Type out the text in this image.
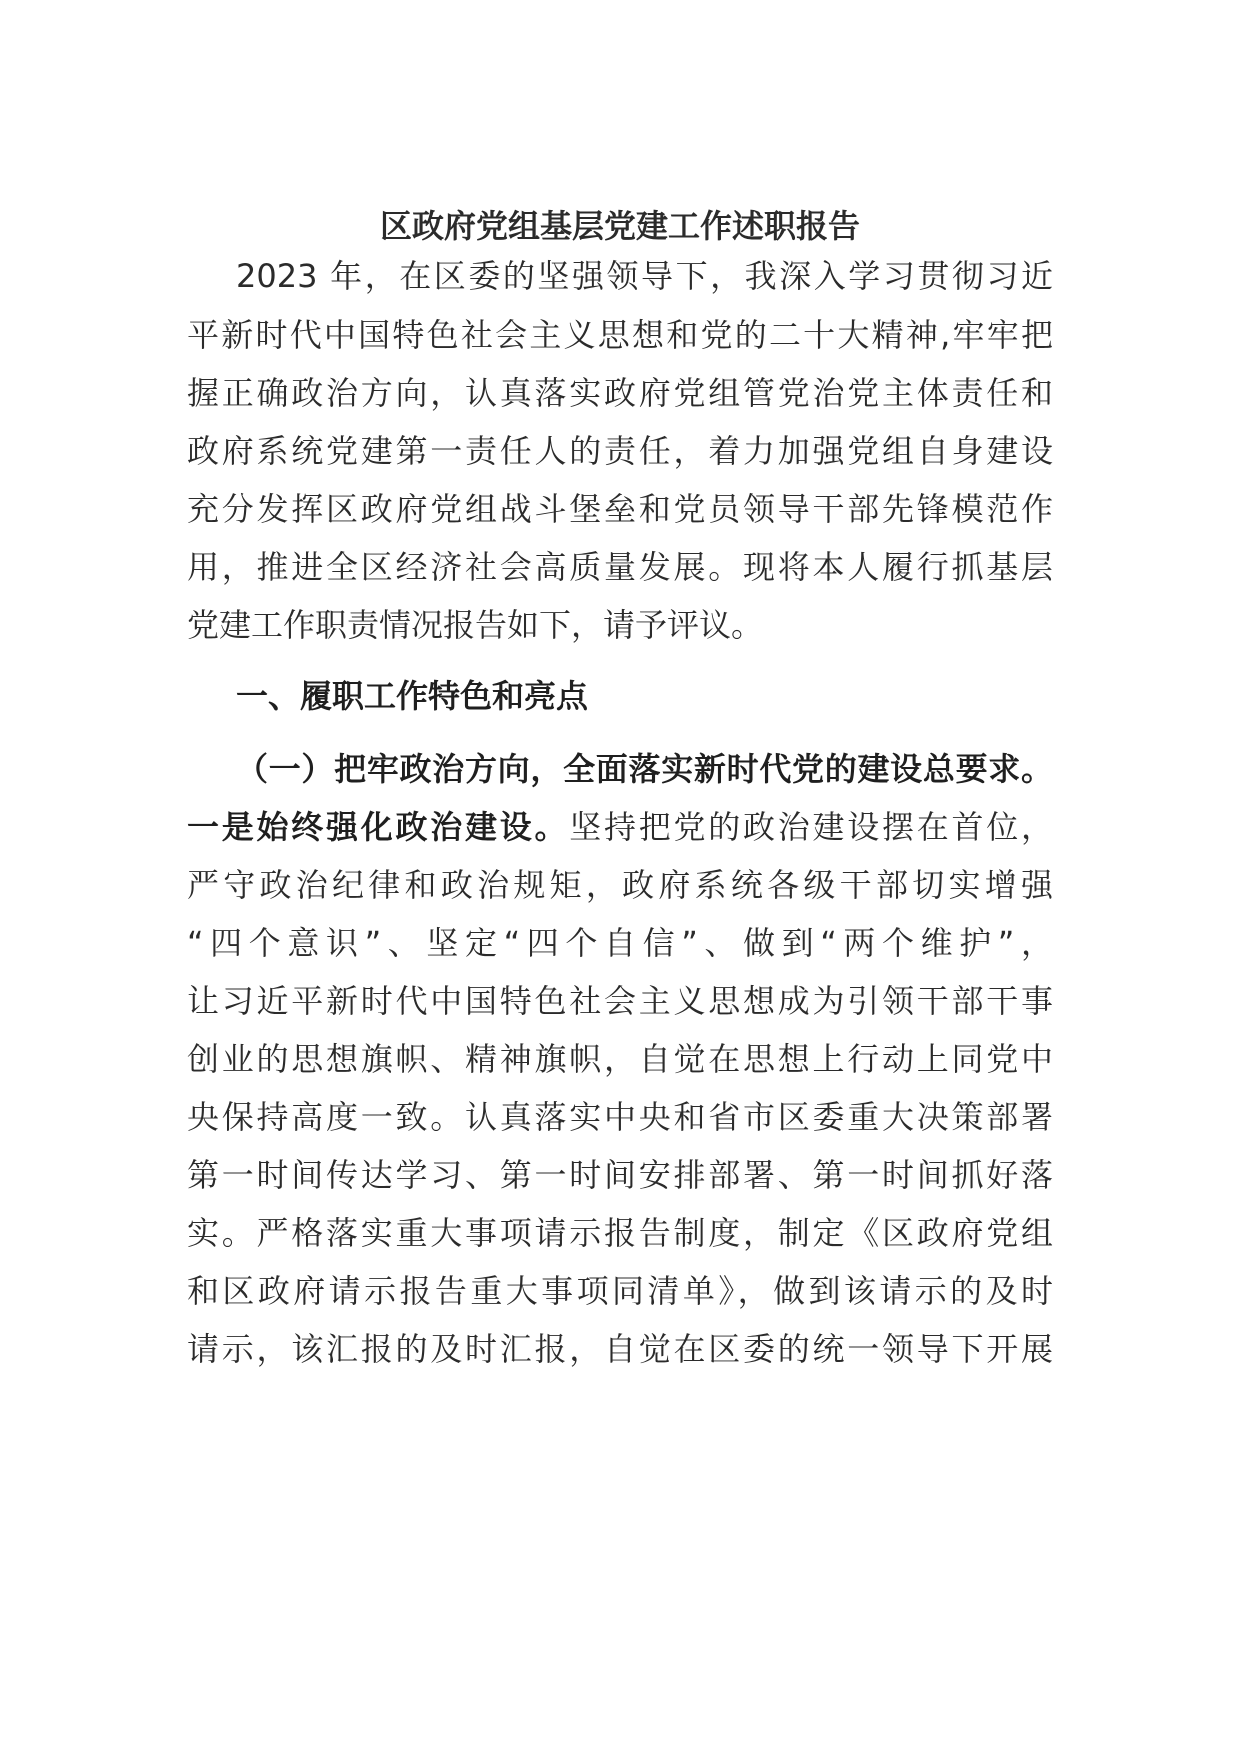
区政府党组基层党建工作述职报告
2023 年，在区委的坚强领导下，我深入学习贯彻习近
平新时代中国特色社会主义思想和党的二十大精神,牢牢把
握正确政治方向，认真落实政府党组管党治党主体责任和
政府系统党建第一责任人的责任，着力加强党组自身建设
充分发挥区政府党组战斗堡垒和党员领导干部先锋模范作
用，推进全区经济社会高质量发展。现将本人履行抓基层
党建工作职责情况报告如下，请予评议。
一、履职工作特色和亮点
（一）把牢政治方向，全面落实新时代党的建设总要求。
一是始终强化政治建设。坚持把党的政治建设摆在首位，
严守政治纪律和政治规矩，政府系统各级干部切实增强
“四个意识”、坚定“四个自信”、做到“两个维护”，
让习近平新时代中国特色社会主义思想成为引领干部干事
创业的思想旗帜、精神旗帜，自觉在思想上行动上同党中
央保持高度一致。认真落实中央和省市区委重大决策部署
第一时间传达学习、第一时间安排部署、第一时间抓好落
实。严格落实重大事项请示报告制度，制定《区政府党组
和区政府请示报告重大事项同清单》，做到该请示的及时
请示，该汇报的及时汇报，自觉在区委的统一领导下开展
